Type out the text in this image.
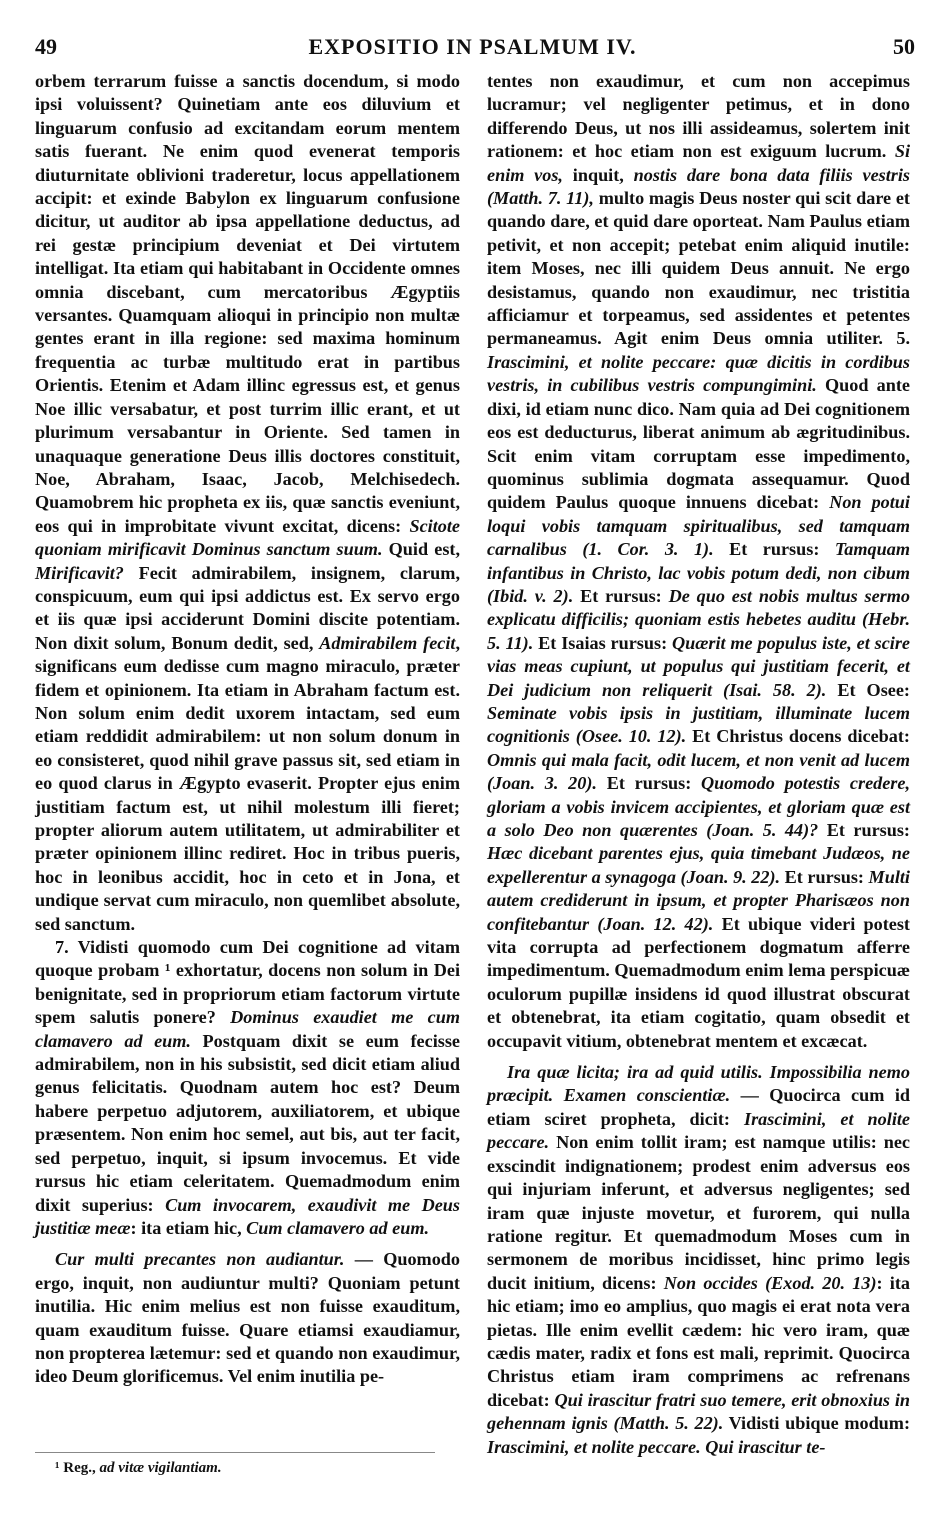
49	EXPOSITIO IN PSALMUM IV.	50

orbem terrarum fuisse a sanctis docendum, si modo ipsi voluissent? Quinetiam ante eos diluvium et linguarum confusio ad excitandam eorum mentem satis fuerant. Ne enim quod evenerat temporis diuturnitate oblivioni traderetur, locus appellationem accipit: et exinde Babylon ex linguarum confusione dicitur, ut auditor ab ipsa appellatione deductus, ad rei gestæ principium deveniat et Dei virtutem intelligat. Ita etiam qui habitabant in Occidente omnes omnia discebant, cum mercatoribus Ægyptiis versantes. Quamquam alioqui in principio non multæ gentes erant in illa regione: sed maxima hominum frequentia ac turbæ multitudo erat in partibus Orientis. Etenim et Adam illinc egressus est, et genus Noe illic versabatur, et post turrim illic erant, et ut plurimum versabantur in Oriente. Sed tamen in unaquaque generatione Deus illis doctores constituit, Noe, Abraham, Isaac, Jacob, Melchisedech. Quamobrem hic propheta ex iis, quæ sanctis eveniunt, eos qui in improbitate vivunt excitat, dicens: Scitote quoniam mirificavit Dominus sanctum suum. Quid est, Mirificavit? Fecit admirabilem, insignem, clarum, conspicuum, eum qui ipsi addictus est. Ex servo ergo et iis quæ ipsi acciderunt Domini discite potentiam. Non dixit solum, Bonum dedit, sed, Admirabilem fecit, significans eum dedisse cum magno miraculo, præter fidem et opinionem. Ita etiam in Abraham factum est. Non solum enim dedit uxorem intactam, sed eum etiam reddidit admirabilem: ut non solum donum in eo consisteret, quod nihil grave passus sit, sed etiam in eo quod clarus in Ægypto evaserit. Propter ejus enim justitiam factum est, ut nihil molestum illi fieret; propter aliorum autem utilitatem, ut admirabiliter et præter opinionem illinc rediret. Hoc in tribus pueris, hoc in leonibus accidit, hoc in ceto et in Jona, et undique servat cum miraculo, non quemlibet absolute, sed sanctum.

7. Vidisti quomodo cum Dei cognitione ad vitam quoque probam ¹ exhortatur, docens non solum in Dei benignitate, sed in propriorum etiam factorum virtute spem salutis ponere? Dominus exaudiet me cum clamavero ad eum. Postquam dixit se eum fecisse admirabilem, non in his subsistit, sed dicit etiam aliud genus felicitatis. Quodnam autem hoc est? Deum habere perpetuo adjutorem, auxiliatorem, et ubique præsentem. Non enim hoc semel, aut bis, aut ter facit, sed perpetuo, inquit, si ipsum invocemus. Et vide rursus hic etiam celeritatem. Quemadmodum enim dixit superius: Cum invocarem, exaudivit me Deus justitiæ meæ: ita etiam hic, Cum clamavero ad eum.

Cur multi precantes non audiantur. — Quomodo ergo, inquit, non audiuntur multi? Quoniam petunt inutilia. Hic enim melius est non fuisse exauditum, quam exauditum fuisse. Quare etiamsi exaudiamur, non propterea lætemur: sed et quando non exaudimur, ideo Deum glorificemus. Vel enim inutilia pe-

tentes non exaudimur, et cum non accepimus lucramur; vel negligenter petimus, et in dono differendo Deus, ut nos illi assideamus, solertem init rationem: et hoc etiam non est exiguum lucrum. Si enim vos, inquit, nostis dare bona data filiis vestris (Matth. 7. 11), multo magis Deus noster qui scit dare et quando dare, et quid dare oporteat. Nam Paulus etiam petivit, et non accepit; petebat enim aliquid inutile: item Moses, nec illi quidem Deus annuit. Ne ergo desistamus, quando non exaudimur, nec tristitia afficiamur et torpeamus, sed assidentes et petentes permaneamus. Agit enim Deus omnia utiliter. 5. Irascimini, et nolite peccare: quæ dicitis in cordibus vestris, in cubilibus vestris compungimini. Quod ante dixi, id etiam nunc dico. Nam quia ad Dei cognitionem eos est deducturus, liberat animum ab ægritudinibus. Scit enim vitam corruptam esse impedimento, quominus sublimia dogmata assequamur. Quod quidem Paulus quoque innuens dicebat: Non potui loqui vobis tamquam spiritualibus, sed tamquam carnalibus (1. Cor. 3. 1). Et rursus: Tamquam infantibus in Christo, lac vobis potum dedi, non cibum (Ibid. v. 2). Et rursus: De quo est nobis multus sermo explicatu difficilis; quoniam estis hebetes auditu (Hebr. 5. 11). Et Isaias rursus: Quærit me populus iste, et scire vias meas cupiunt, ut populus qui justitiam fecerit, et Dei judicium non reliquerit (Isai. 58. 2). Et Osee: Seminate vobis ipsis in justitiam, illuminate lucem cognitionis (Osee. 10. 12). Et Christus docens dicebat: Omnis qui mala facit, odit lucem, et non venit ad lucem (Joan. 3. 20). Et rursus: Quomodo potestis credere, gloriam a vobis invicem accipientes, et gloriam quæ est a solo Deo non quærentes (Joan. 5. 44)? Et rursus: Hæc dicebant parentes ejus, quia timebant Judæos, ne expellerentur a synagoga (Joan. 9. 22). Et rursus: Multi autem crediderunt in ipsum, et propter Pharisæos non confitebantur (Joan. 12. 42). Et ubique videri potest vita corrupta ad perfectionem dogmatum afferre impedimentum. Quemadmodum enim lema perspicuæ oculorum pupillæ insidens id quod illustrat obscurat et obtenebrat, ita etiam cogitatio, quam obsedit et occupavit vitium, obtenebrat mentem et excæcat.

Ira quæ licita; ira ad quid utilis. Impossibilia nemo præcipit. Examen conscientiæ. — Quocirca cum id etiam sciret propheta, dicit: Irascimini, et nolite peccare. Non enim tollit iram; est namque utilis: nec exscindit indignationem; prodest enim adversus eos qui injuriam inferunt, et adversus negligentes; sed iram quæ injuste movetur, et furorem, qui nulla ratione regitur. Et quemadmodum Moses cum in sermonem de moribus incidisset, hinc primo legis ducit initium, dicens: Non occides (Exod. 20. 13): ita hic etiam; imo eo amplius, quo magis ei erat nota vera pietas. Ille enim evellit cædem: hic vero iram, quæ cædis mater, radix et fons est mali, reprimit. Quocirca Christus etiam iram comprimens ac refrenans dicebat: Qui irascitur fratri suo temere, erit obnoxius in gehennam ignis (Matth. 5. 22). Vidisti ubique modum: Irascimini, et nolite peccare. Qui irascitur te-

¹ Reg., ad vitæ vigilantiam.
